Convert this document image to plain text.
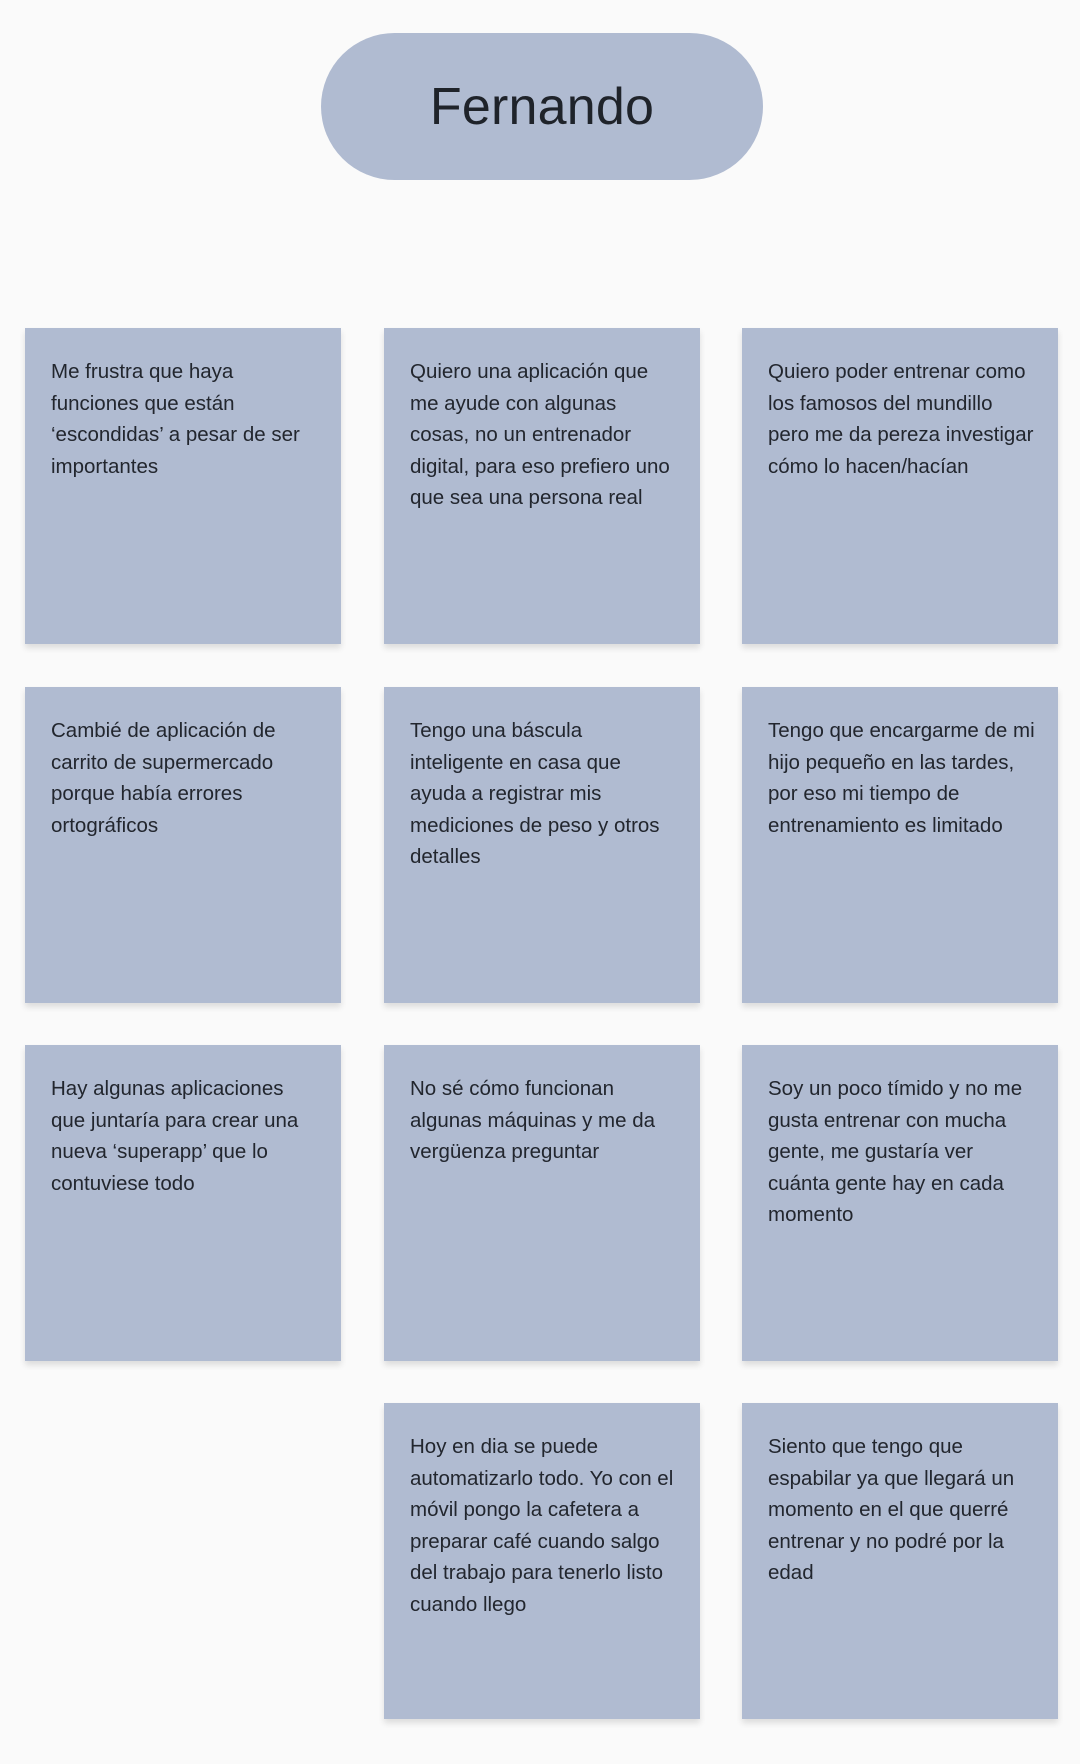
Fernando

Me frustra que haya funciones que están ‘escondidas’ a pesar de ser importantes

Quiero una aplicación que me ayude con algunas cosas, no un entrenador digital, para eso prefiero uno que sea una persona real

Quiero poder entrenar como los famosos del mundillo pero me da pereza investigar cómo lo hacen/hacían

Cambié de aplicación de carrito de supermercado porque había errores ortográficos

Tengo una báscula inteligente en casa que ayuda a registrar mis mediciones de peso y otros detalles

Tengo que encargarme de mi hijo pequeño en las tardes, por eso mi tiempo de entrenamiento es limitado

Hay algunas aplicaciones que juntaría para crear una nueva ‘superapp’ que lo contuviese todo

No sé cómo funcionan algunas máquinas y me da vergüenza preguntar

Soy un poco tímido y no me gusta entrenar con mucha gente, me gustaría ver cuánta gente hay en cada momento

Hoy en dia se puede automatizarlo todo. Yo con el móvil pongo la cafetera a preparar café cuando salgo del trabajo para tenerlo listo cuando llego

Siento que tengo que espabilar ya que llegará un momento en el que querré entrenar y no podré por la edad
